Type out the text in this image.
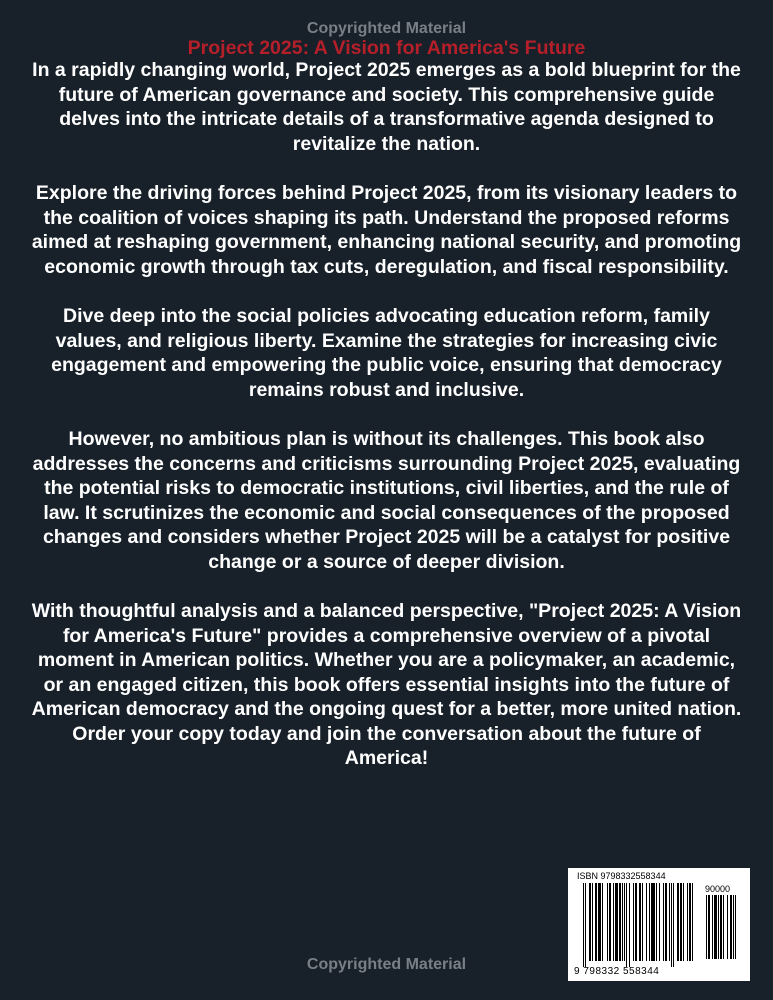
Copyrighted Material
Project 2025: A Vision for America's Future

In a rapidly changing world, Project 2025 emerges as a bold blueprint for the future of American governance and society. This comprehensive guide delves into the intricate details of a transformative agenda designed to revitalize the nation.

Explore the driving forces behind Project 2025, from its visionary leaders to the coalition of voices shaping its path. Understand the proposed reforms aimed at reshaping government, enhancing national security, and promoting economic growth through tax cuts, deregulation, and fiscal responsibility.

Dive deep into the social policies advocating education reform, family values, and religious liberty. Examine the strategies for increasing civic engagement and empowering the public voice, ensuring that democracy remains robust and inclusive.

However, no ambitious plan is without its challenges. This book also addresses the concerns and criticisms surrounding Project 2025, evaluating the potential risks to democratic institutions, civil liberties, and the rule of law. It scrutinizes the economic and social consequences of the proposed changes and considers whether Project 2025 will be a catalyst for positive change or a source of deeper division.

With thoughtful analysis and a balanced perspective, "Project 2025: A Vision for America's Future" provides a comprehensive overview of a pivotal moment in American politics. Whether you are a policymaker, an academic, or an engaged citizen, this book offers essential insights into the future of American democracy and the ongoing quest for a better, more united nation.

Order your copy today and join the conversation about the future of America!

ISBN 9798332558344
90000
9 798332 558344
Copyrighted Material
